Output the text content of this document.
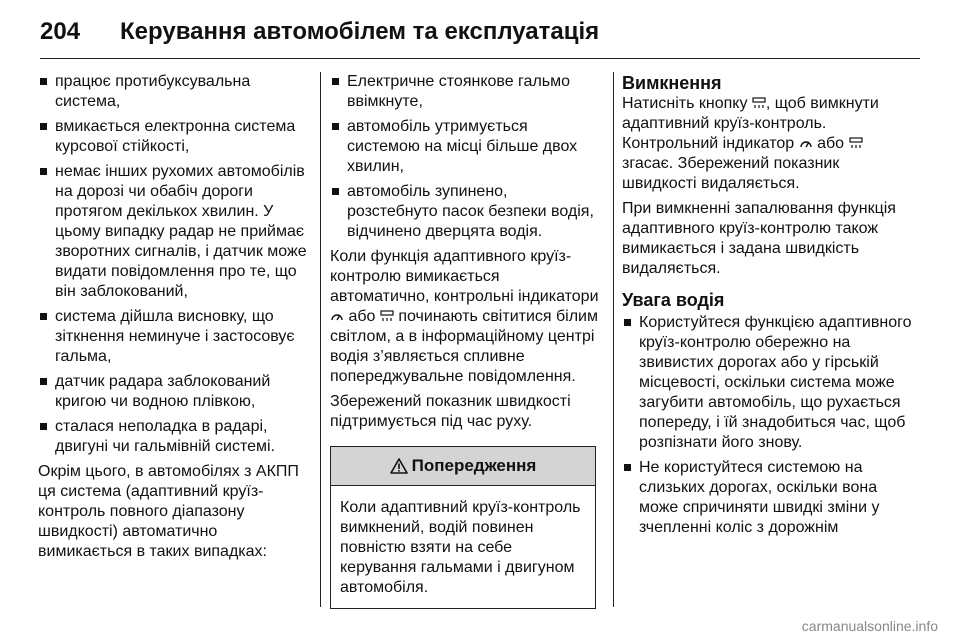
204 Керування автомобілем та експлуатація
працює протибуксувальна система,
вмикається електронна система курсової стійкості,
немає інших рухомих автомобілів на дорозі чи обабіч дороги протягом декількох хвилин. У цьому випадку радар не приймає зворотних сигналів, і датчик може видати повідомлення про те, що він заблокований,
система дійшла висновку, що зіткнення неминуче і застосовує гальма,
датчик радара заблокований кригою чи водною плівкою,
сталася неполадка в радарі, двигуні чи гальмівній системі.

Окрім цього, в автомобілях з АКПП ця система (адаптивний круїз-контроль повного діапазону швидкості) автоматично вимикається в таких випадках:

Електричне стоянкове гальмо ввімкнуте,
автомобіль утримується системою на місці більше двох хвилин,
автомобіль зупинено, розстебнуто пасок безпеки водія, відчинено дверцята водія.

Коли функція адаптивного круїз-контролю вимикається автоматично, контрольні індикатори  або починають світитися білим світлом, а в інформаційному центрі водія з’являється спливне попереджувальне повідомлення.

Збережений показник швидкості підтримується під час руху.

Попередження
Коли адаптивний круїз-контроль вимкнений, водій повинен повністю взяти на себе керування гальмами і двигуном автомобіля.
Вимкнення

Натисніть кнопку , щоб вимкнути адаптивний круїз-контроль. Контрольний індикатор або  згасає. Збережений показник швидкості видаляється.

При вимкненні запалювання функція адаптивного круїз-контролю також вимикається і задана швидкість видаляється.

Увага водія
Користуйтеся функцією адаптивного круїз-контролю обережно на звивистих дорогах або у гірській місцевості, оскільки система може загубити автомобіль, що рухається попереду, і їй знадобиться час, щоб розпізнати його знову.
Не користуйтеся системою на слизьких дорогах, оскільки вона може спричиняти швидкі зміни у зчепленні коліс з дорожнім
carmanualsonline.info
